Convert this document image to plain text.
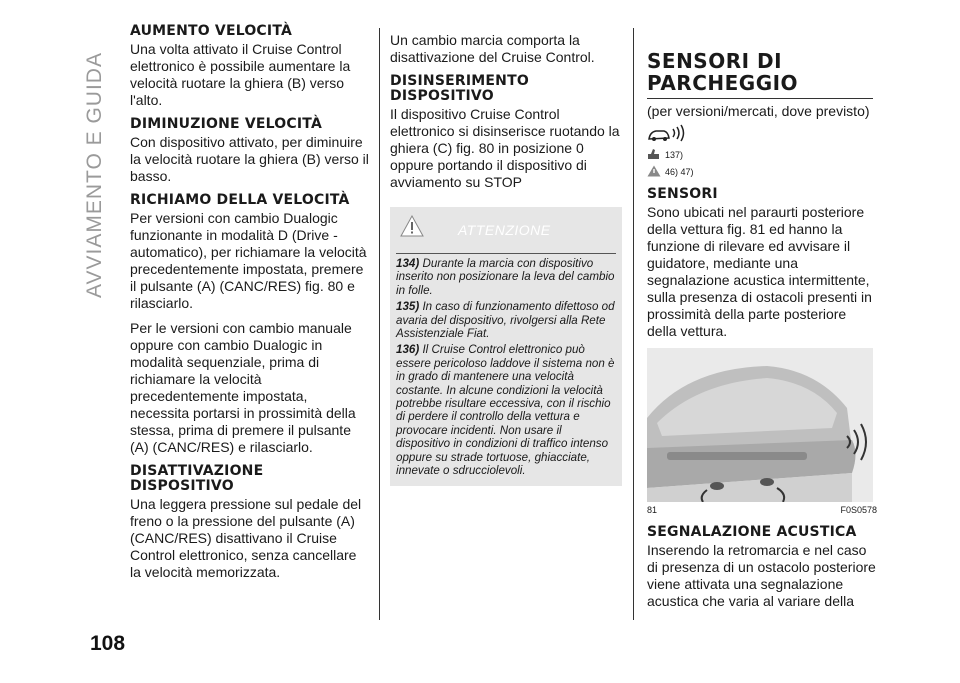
AVVIAMENTO E GUIDA
108
AUMENTO VELOCITÀ

Una volta attivato il Cruise Control elettronico è possibile aumentare la velocità ruotare la ghiera (B) verso l'alto.

DIMINUZIONE VELOCITÀ

Con dispositivo attivato, per diminuire la velocità ruotare la ghiera (B) verso il basso.

RICHIAMO DELLA VELOCITÀ

Per versioni con cambio Dualogic funzionante in modalità D (Drive - automatico), per richiamare la velocità precedentemente impostata, premere il pulsante (A) (CANC/RES) fig. 80 e rilasciarlo.

Per le versioni con cambio manuale oppure con cambio Dualogic in modalità sequenziale, prima di richiamare la velocità precedentemente impostata, necessita portarsi in prossimità della stessa, prima di premere il pulsante (A) (CANC/RES) e rilasciarlo.

DISATTIVAZIONE DISPOSITIVO

Una leggera pressione sul pedale del freno o la pressione del pulsante (A) (CANC/RES) disattivano il Cruise Control elettronico, senza cancellare la velocità memorizzata.

Un cambio marcia comporta la disattivazione del Cruise Control.

DISINSERIMENTO DISPOSITIVO

Il dispositivo Cruise Control elettronico si disinserisce ruotando la ghiera (C) fig. 80 in posizione 0 oppure portando il dispositivo di avviamento su STOP

ATTENZIONE
134) Durante la marcia con dispositivo inserito non posizionare la leva del cambio in folle.
135) In caso di funzionamento difettoso od avaria del dispositivo, rivolgersi alla Rete Assistenziale Fiat.
136) Il Cruise Control elettronico può essere pericoloso laddove il sistema non è in grado di mantenere una velocità costante. In alcune condizioni la velocità potrebbe risultare eccessiva, con il rischio di perdere il controllo della vettura e provocare incidenti. Non usare il dispositivo in condizioni di traffico intenso oppure su strade tortuose, ghiacciate, innevate o sdrucciolevoli.
SENSORI DI PARCHEGGIO

(per versioni/mercati, dove previsto)

137)
46) 47)
SENSORI

Sono ubicati nel paraurti posteriore della vettura fig. 81 ed hanno la funzione di rilevare ed avvisare il guidatore, mediante una segnalazione acustica intermittente, sulla presenza di ostacoli presenti in prossimità della parte posteriore della vettura.

81	F0S0578
SEGNALAZIONE ACUSTICA

Inserendo la retromarcia e nel caso di presenza di un ostacolo posteriore viene attivata una segnalazione acustica che varia al variare della
